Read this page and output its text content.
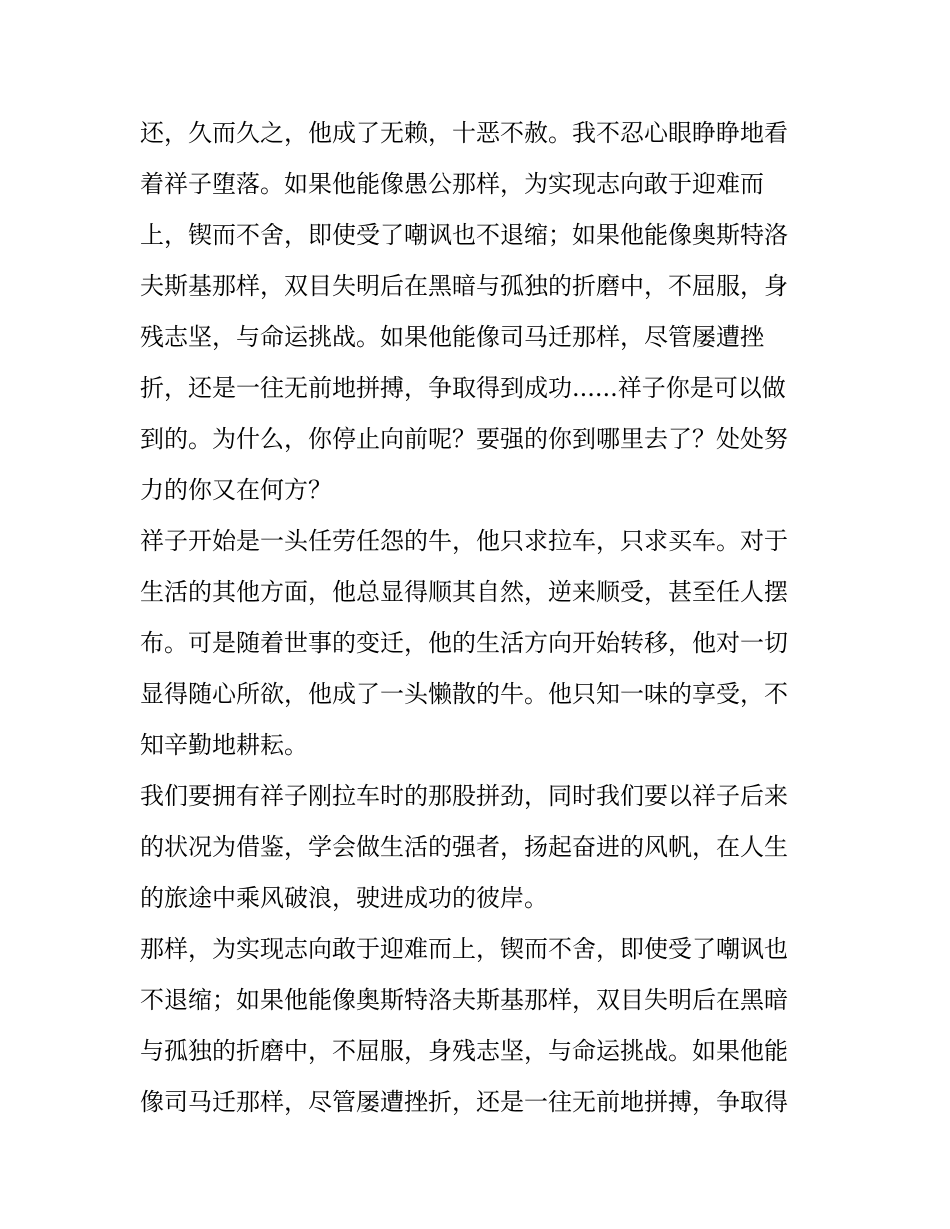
还，久而久之，他成了无赖，十恶不赦。我不忍心眼睁睁地看
着祥子堕落。如果他能像愚公那样，为实现志向敢于迎难而
上，锲而不舍，即使受了嘲讽也不退缩；如果他能像奥斯特洛
夫斯基那样，双目失明后在黑暗与孤独的折磨中，不屈服，身
残志坚，与命运挑战。如果他能像司马迁那样，尽管屡遭挫
折，还是一往无前地拼搏，争取得到成功......祥子你是可以做
到的。为什么，你停止向前呢？要强的你到哪里去了？处处努
力的你又在何方？
祥子开始是一头任劳任怨的牛，他只求拉车，只求买车。对于
生活的其他方面，他总显得顺其自然，逆来顺受，甚至任人摆
布。可是随着世事的变迁，他的生活方向开始转移，他对一切
显得随心所欲，他成了一头懒散的牛。他只知一味的享受，不
知辛勤地耕耘。
我们要拥有祥子刚拉车时的那股拼劲，同时我们要以祥子后来
的状况为借鉴，学会做生活的强者，扬起奋进的风帆，在人生
的旅途中乘风破浪，驶进成功的彼岸。
那样，为实现志向敢于迎难而上，锲而不舍，即使受了嘲讽也
不退缩；如果他能像奥斯特洛夫斯基那样，双目失明后在黑暗
与孤独的折磨中，不屈服，身残志坚，与命运挑战。如果他能
像司马迁那样，尽管屡遭挫折，还是一往无前地拼搏，争取得
